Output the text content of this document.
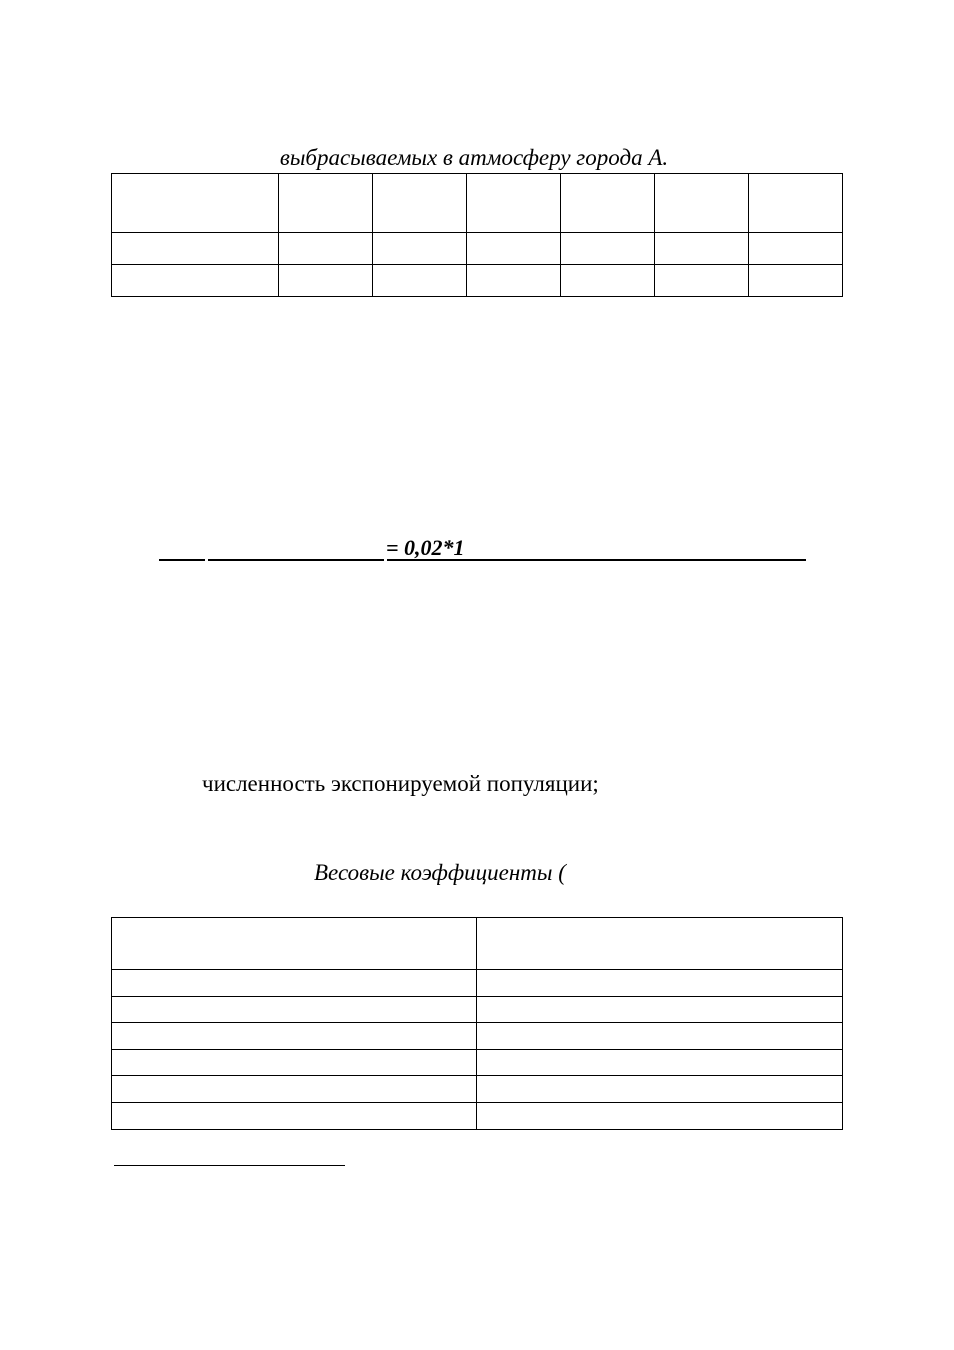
выбрасываемых в атмосферу города А.

= 0,02*1
численность экспонируемой популяции;
Весовые коэффициенты (
